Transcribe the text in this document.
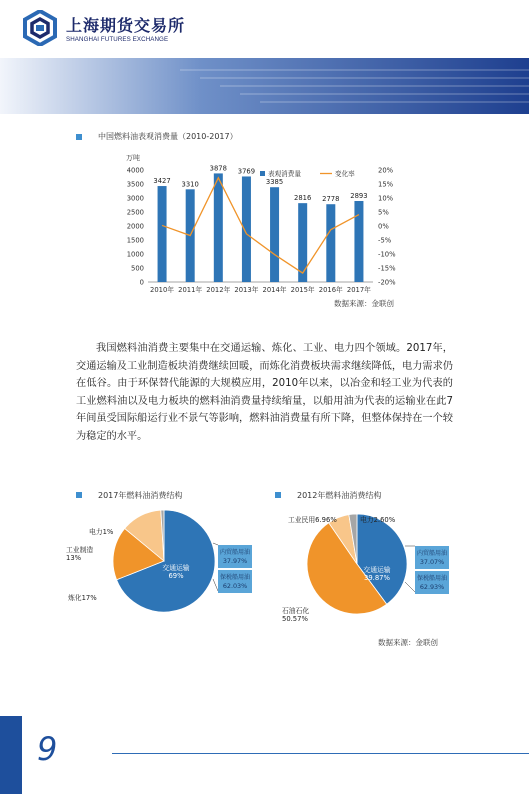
上海期货交易所
SHANGHAI FUTURES EXCHANGE
中国燃料油表观消费量（2010-2017）
万吨
0
500
1000
1500
2000
2500
3000
3500
4000	20%
15%
10%
5%
0%
-5%
-10%
-15%
-20%
3427
2010年
3310
2011年
3878
2012年
3769
2013年
3385
2014年
2816
2015年
2778
2016年
2893
2017年
表观消费量	变化率
数据来源：金联创
我国燃料油消费主要集中在交通运输、炼化、工业、电力四个领域。2017年，交通运输及工业制造板块消费继续回暖，而炼化消费板块需求继续降低，电力需求仍在低谷。由于环保替代能源的大规模应用，2010年以来，以冶金和轻工业为代表的工业燃料油以及电力板块的燃料油消费量持续缩量，以船用油为代表的运输业在此7年间虽受国际船运行业不景气等影响，燃料油消费量有所下降，但整体保持在一个较为稳定的水平。
2017年燃料油消费结构	2012年燃料油消费结构
交通运输
69%
炼化17%
工业制造
13%
电力1%
内贸船用油
37.97%
保税船用油
62.03%
交通运输
39.87%
石油石化
50.57%
工业民用6.96%	电力2.60%
内贸船用油
37.07%
保税船用油
62.93%
数据来源：金联创
9
